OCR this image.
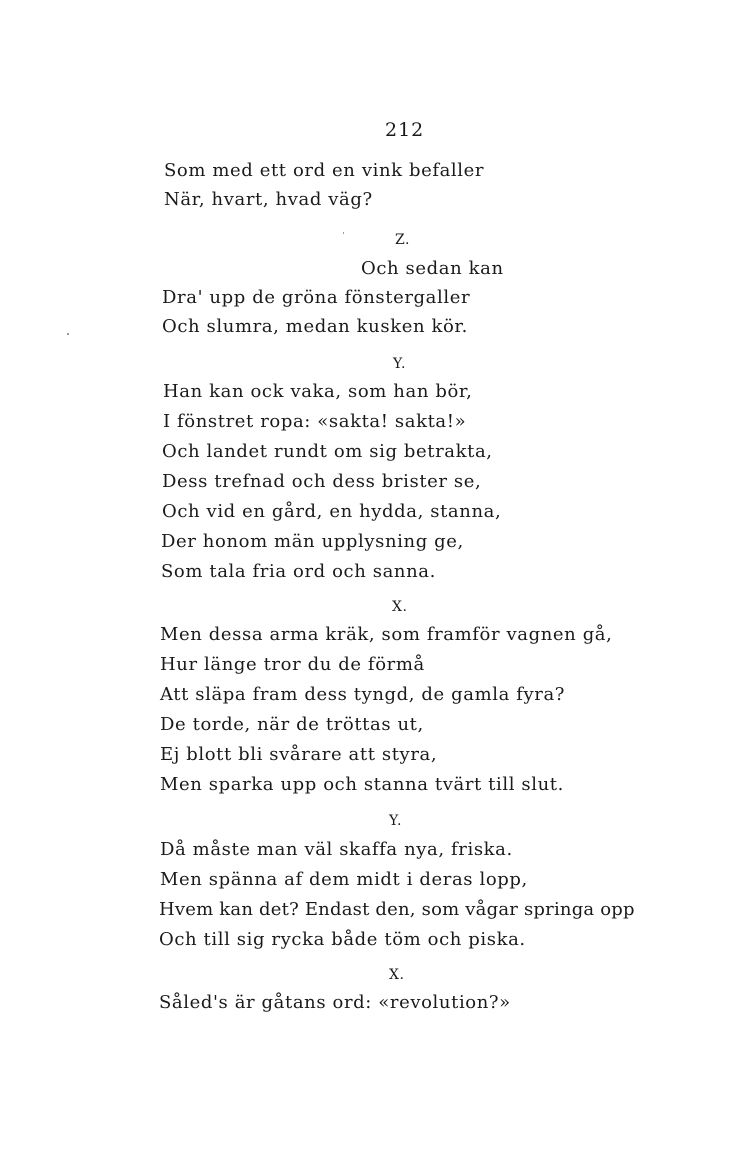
212
Som med ett ord en vink befaller
När, hvart, hvad väg?
Z.
Och sedan kan
Dra' upp de gröna fönstergaller
Och slumra, medan kusken kör.
Y.
Han kan ock vaka, som han bör,
I fönstret ropa: «sakta! sakta!»
Och landet rundt om sig betrakta,
Dess trefnad och dess brister se,
Och vid en gård, en hydda, stanna,
Der honom män upplysning ge,
Som tala fria ord och sanna.
X.
Men dessa arma kräk, som framför vagnen gå,
Hur länge tror du de förmå
Att släpa fram dess tyngd, de gamla fyra?
De torde, när de tröttas ut,
Ej blott bli svårare att styra,
Men sparka upp och stanna tvärt till slut.
Y.
Då måste man väl skaffa nya, friska.
Men spänna af dem midt i deras lopp,
Hvem kan det? Endast den, som vågar springa opp
Och till sig rycka både töm och piska.
X.
Såled's är gåtans ord: «revolution?»
